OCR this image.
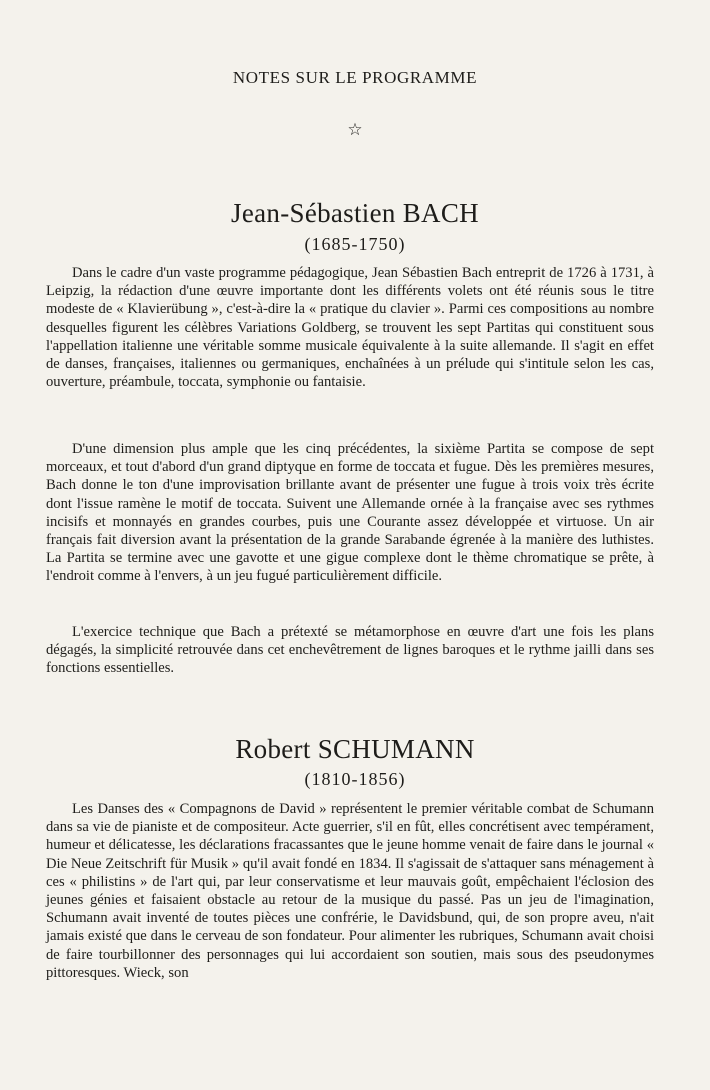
NOTES SUR LE PROGRAMME
☆
Jean-Sébastien BACH
(1685-1750)

Dans le cadre d'un vaste programme pédagogique, Jean Sébastien Bach entreprit de 1726 à 1731, à Leipzig, la rédaction d'une œuvre importante dont les différents volets ont été réunis sous le titre modeste de « Klavierübung », c'est-à-dire la « pratique du clavier ». Parmi ces compositions au nombre desquelles figurent les célèbres Variations Goldberg, se trouvent les sept Partitas qui constituent sous l'appellation italienne une véritable somme musicale équivalente à la suite allemande. Il s'agit en effet de danses, françaises, italiennes ou germaniques, enchaînées à un prélude qui s'intitule selon les cas, ouverture, préambule, toccata, symphonie ou fantaisie.

D'une dimension plus ample que les cinq précédentes, la sixième Partita se compose de sept morceaux, et tout d'abord d'un grand diptyque en forme de toccata et fugue. Dès les premières mesures, Bach donne le ton d'une improvisation brillante avant de présenter une fugue à trois voix très écrite dont l'issue ramène le motif de toccata. Suivent une Allemande ornée à la française avec ses rythmes incisifs et monnayés en grandes courbes, puis une Courante assez développée et virtuose. Un air français fait diversion avant la présentation de la grande Sarabande égrenée à la manière des luthistes. La Partita se termine avec une gavotte et une gigue complexe dont le thème chromatique se prête, à l'endroit comme à l'envers, à un jeu fugué particulièrement difficile.

L'exercice technique que Bach a prétexté se métamorphose en œuvre d'art une fois les plans dégagés, la simplicité retrouvée dans cet enchevêtrement de lignes baroques et le rythme jailli dans ses fonctions essentielles.

Robert SCHUMANN
(1810-1856)

Les Danses des « Compagnons de David » représentent le premier véritable combat de Schumann dans sa vie de pianiste et de compositeur. Acte guerrier, s'il en fût, elles concrétisent avec tempérament, humeur et délicatesse, les déclarations fracassantes que le jeune homme venait de faire dans le journal « Die Neue Zeitschrift für Musik » qu'il avait fondé en 1834. Il s'agissait de s'attaquer sans ménagement à ces « philistins » de l'art qui, par leur conservatisme et leur mauvais goût, empêchaient l'éclosion des jeunes génies et faisaient obstacle au retour de la musique du passé. Pas un jeu de l'imagination, Schumann avait inventé de toutes pièces une confrérie, le Davidsbund, qui, de son propre aveu, n'ait jamais existé que dans le cerveau de son fondateur. Pour alimenter les rubriques, Schumann avait choisi de faire tourbillonner des personnages qui lui accordaient son soutien, mais sous des pseudonymes pittoresques. Wieck, son
